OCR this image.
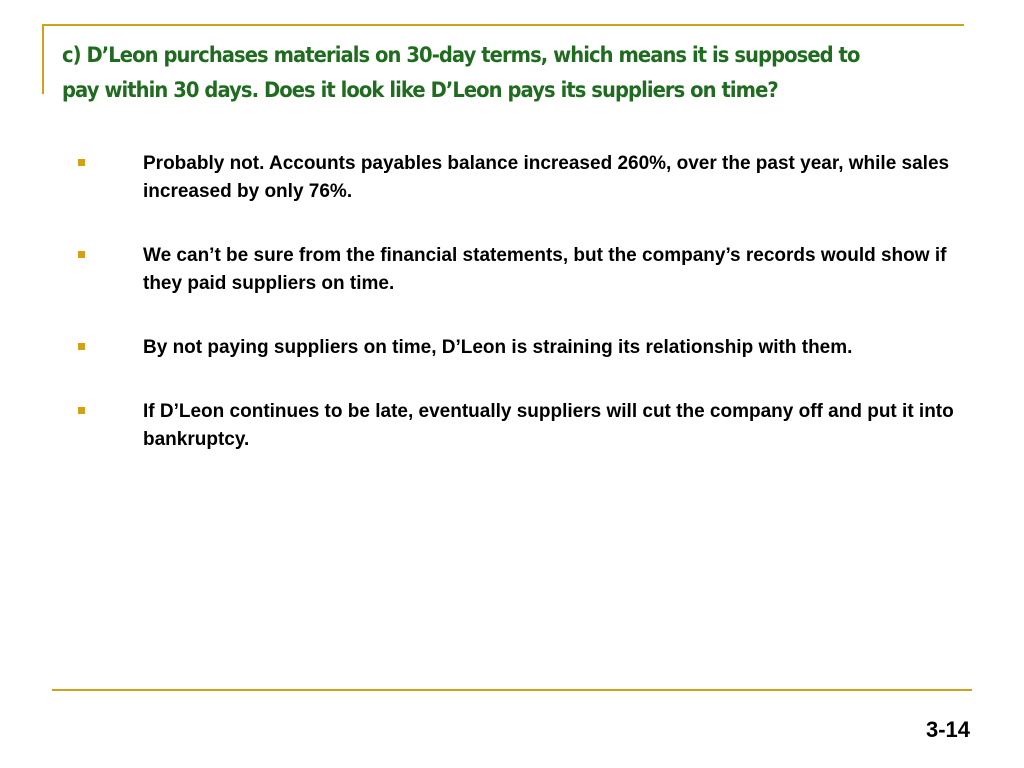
c) D’Leon purchases materials on 30-day terms, which means it is supposed to pay within 30 days. Does it look like D’Leon pays its suppliers on time?
Probably not. Accounts payables balance increased 260%, over the past year, while sales increased by only 76%.
We can’t be sure from the financial statements, but the company’s records would show if they paid suppliers on time.
By not paying suppliers on time, D’Leon is straining its relationship with them.
If D’Leon continues to be late, eventually suppliers will cut the company off and put it into bankruptcy.
3-14
